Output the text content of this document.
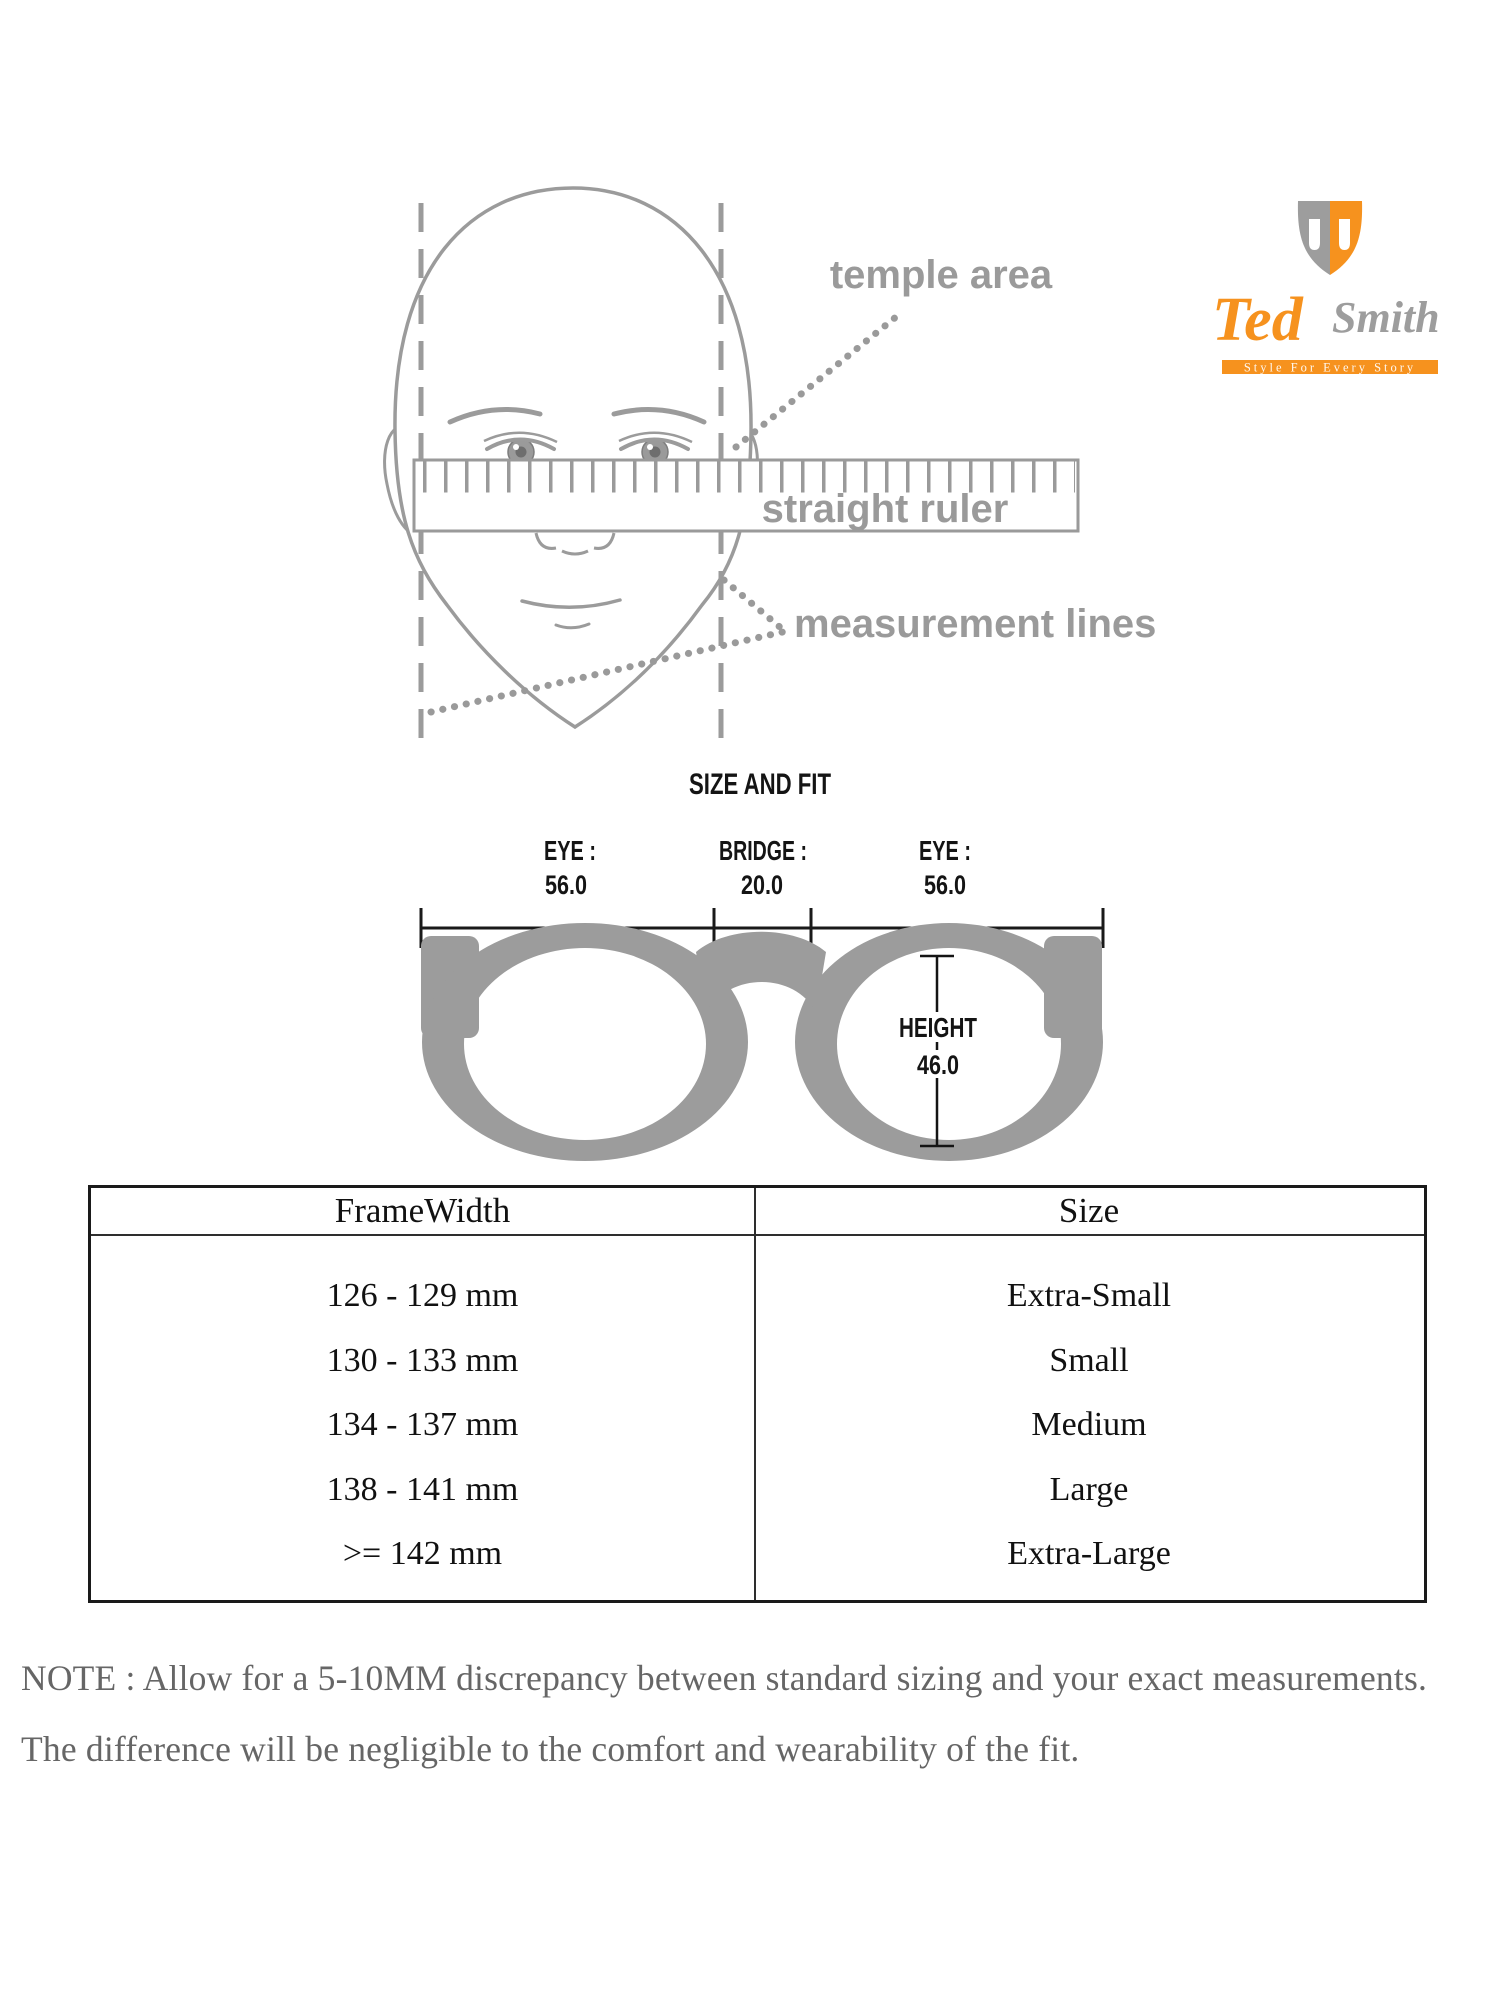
straight ruler
temple area
measurement lines
Ted Smith
Style For Every Story
SIZE AND FIT
EYE :
56.0
BRIDGE :
20.0
EYE :
56.0
HEIGHT
46.0
FrameWidth	Size
126 - 129 mm	Extra-Small
130 - 133 mm	Small
134 - 137 mm	Medium
138 - 141 mm	Large
>= 142 mm	Extra-Large

NOTE : Allow for a 5-10MM discrepancy between standard sizing and your exact measurements.

The difference will be negligible to the comfort and wearability of the fit.
